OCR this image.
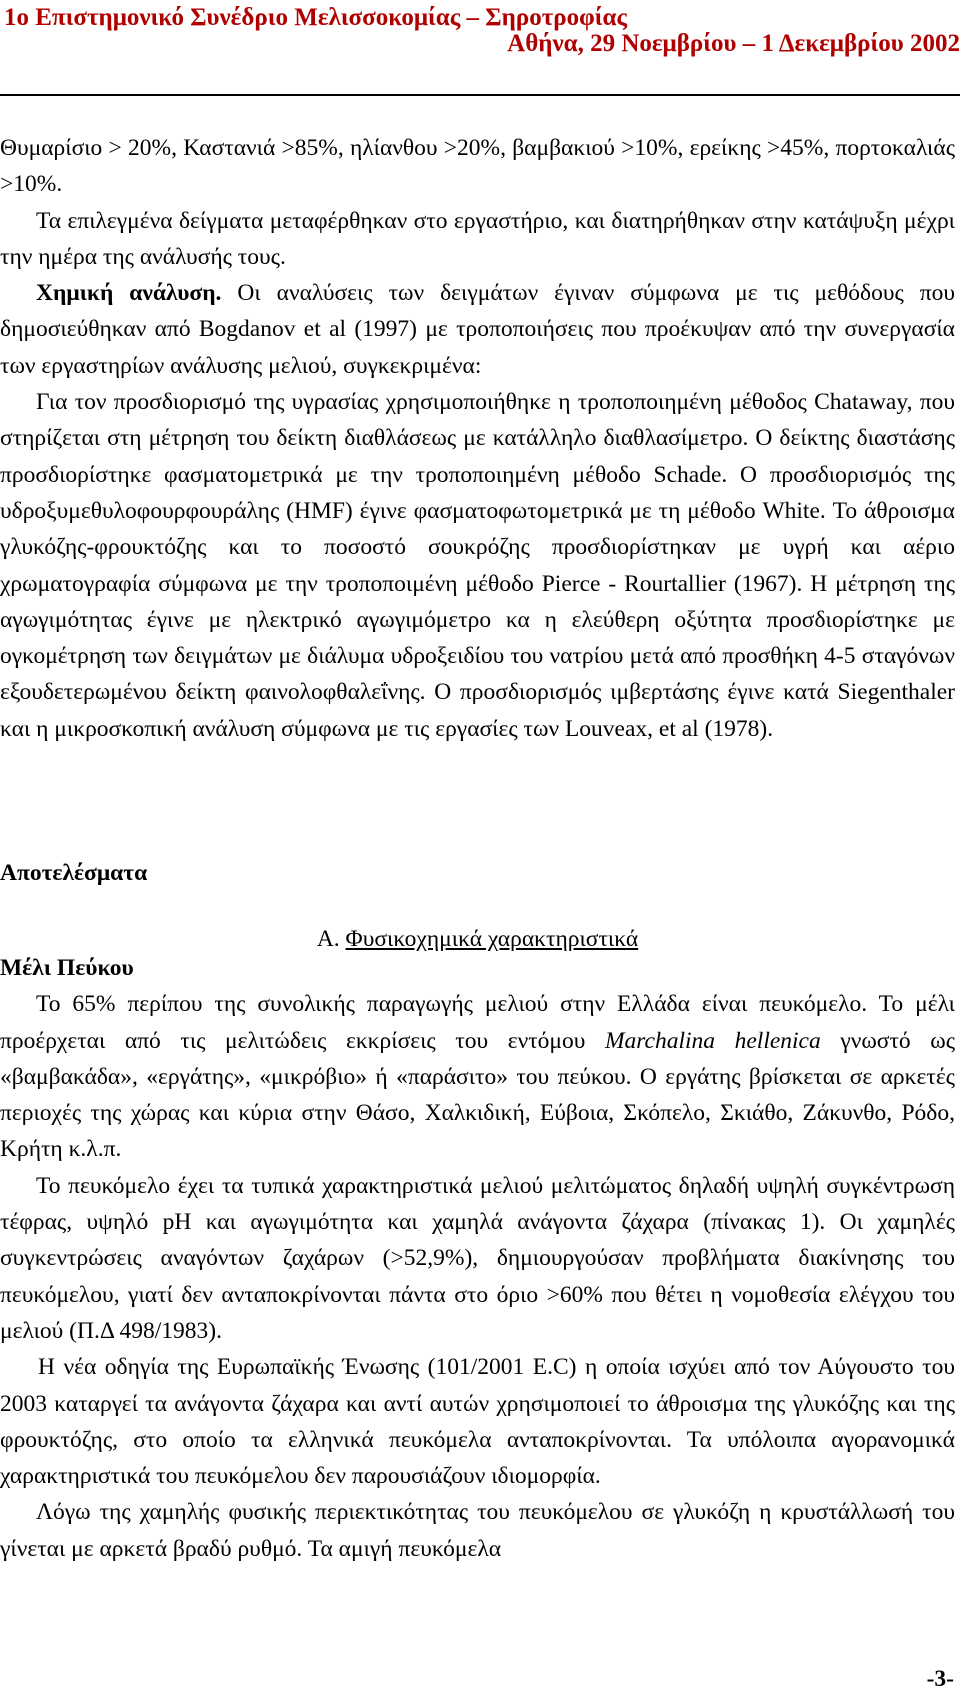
1ο Επιστημονικό Συνέδριο Μελισσοκομίας – Σηροτροφίας
Αθήνα, 29 Νοεμβρίου – 1 Δεκεμβρίου 2002

Θυμαρίσιο > 20%, Καστανιά >85%, ηλίανθου >20%, βαμβακιού >10%, ερείκης >45%, πορτοκαλιάς >10%.

Τα επιλεγμένα δείγματα μεταφέρθηκαν στο εργαστήριο, και διατηρήθηκαν στην κατάψυξη μέχρι την ημέρα της ανάλυσής τους.

Χημική ανάλυση. Οι αναλύσεις των δειγμάτων έγιναν σύμφωνα με τις μεθόδους που δημοσιεύθηκαν από Bogdanov et al (1997) με τροποποιήσεις που προέκυψαν από την συνεργασία των εργαστηρίων ανάλυσης μελιού, συγκεκριμένα:

Για τον προσδιορισμό της υγρασίας χρησιμοποιήθηκε η τροποποιημένη μέθοδος Chataway, που στηρίζεται στη μέτρηση του δείκτη διαθλάσεως με κατάλληλο διαθλασίμετρο. Ο δείκτης διαστάσης προσδιορίστηκε φασματομετρικά με την τροποποιημένη μέθοδο Schade. Ο προσδιορισμός της υδροξυμεθυλοφουρφουράλης (HMF) έγινε φασματοφωτομετρικά με τη μέθοδο White. Το άθροισμα γλυκόζης-φρουκτόζης και το ποσοστό σουκρόζης προσδιορίστηκαν με υγρή και αέριο χρωματογραφία σύμφωνα με την τροποποιμένη μέθοδο Pierce - Rourtallier (1967). Η μέτρηση της αγωγιμότητας έγινε με ηλεκτρικό αγωγιμόμετρο κα η ελεύθερη οξύτητα προσδιορίστηκε με ογκομέτρηση των δειγμάτων με διάλυμα υδροξειδίου του νατρίου μετά από προσθήκη 4-5 σταγόνων εξουδετερωμένου δείκτη φαινολοφθαλεΐνης. Ο προσδιορισμός ιμβερτάσης έγινε κατά Siegenthaler και η μικροσκοπική ανάλυση σύμφωνα με τις εργασίες των Louveax, et al (1978).

Αποτελέσματα
Α. Φυσικοχημικά χαρακτηριστικά

Μέλι Πεύκου

Το 65% περίπου της συνολικής παραγωγής μελιού στην Ελλάδα είναι πευκόμελο. Το μέλι προέρχεται από τις μελιτώδεις εκκρίσεις του εντόμου Marchalina hellenica γνωστό ως «βαμβακάδα», «εργάτης», «μικρόβιο» ή «παράσιτο» του πεύκου. Ο εργάτης βρίσκεται σε αρκετές περιοχές της χώρας και κύρια στην Θάσο, Χαλκιδική, Εύβοια, Σκόπελο, Σκιάθο, Ζάκυνθο, Ρόδο, Κρήτη κ.λ.π.

Το πευκόμελο έχει τα τυπικά χαρακτηριστικά μελιού μελιτώματος δηλαδή υψηλή συγκέντρωση τέφρας, υψηλό pH και αγωγιμότητα και χαμηλά ανάγοντα ζάχαρα (πίνακας 1). Οι χαμηλές συγκεντρώσεις αναγόντων ζαχάρων (>52,9%), δημιουργούσαν προβλήματα διακίνησης του πευκόμελου, γιατί δεν ανταποκρίνονται πάντα στο όριο >60% που θέτει η νομοθεσία ελέγχου του μελιού (Π.Δ 498/1983).

Η νέα οδηγία της Ευρωπαϊκής Ένωσης (101/2001 Ε.C) η οποία ισχύει από τον Αύγουστο του 2003 καταργεί τα ανάγοντα ζάχαρα και αντί αυτών χρησιμοποιεί το άθροισμα της γλυκόζης και της φρουκτόζης, στο οποίο τα ελληνικά πευκόμελα ανταποκρίνονται. Τα υπόλοιπα αγορανομικά χαρακτηριστικά του πευκόμελου δεν παρουσιάζουν ιδιομορφία.

Λόγω της χαμηλής φυσικής περιεκτικότητας του πευκόμελου σε γλυκόζη η κρυστάλλωσή του γίνεται με αρκετά βραδύ ρυθμό. Τα αμιγή πευκόμελα

-3-
